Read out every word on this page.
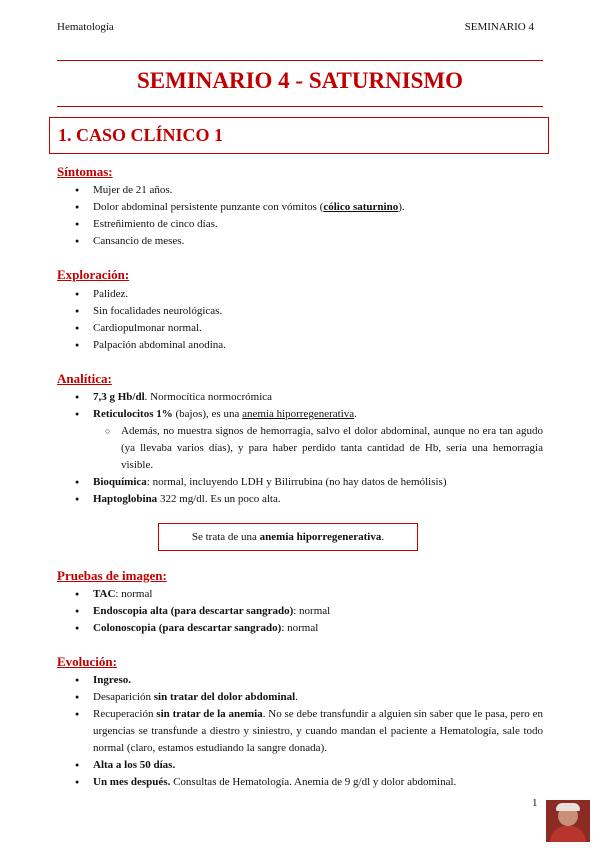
Hematología	SEMINARIO 4
SEMINARIO 4 - SATURNISMO
1. CASO CLÍNICO 1
Síntomas:
● Mujer de 21 años.
● Dolor abdominal persistente punzante con vómitos (cólico saturnino).
● Estreñimiento de cinco días.
● Cansancio de meses.
Exploración:
● Palidez.
● Sin focalidades neurológicas.
● Cardiopulmonar normal.
● Palpación abdominal anodina.
Analítica:
● 7,3 g Hb/dl. Normocítica normocrómica
● Reticulocitos 1% (bajos), es una anemia hiporregenerativa.
○ Además, no muestra signos de hemorragia, salvo el dolor abdominal, aunque no era tan agudo (ya llevaba varios días), y para haber perdido tanta cantidad de Hb, sería una hemorragia visible.
● Bioquímica: normal, incluyendo LDH y Bilirrubina (no hay datos de hemólisis)
● Haptoglobina 322 mg/dl. Es un poco alta.
Se trata de una anemia hiporregenerativa.
Pruebas de imagen:
● TAC: normal
● Endoscopia alta (para descartar sangrado): normal
● Colonoscopia (para descartar sangrado): normal
Evolución:
● Ingreso.
● Desaparición sin tratar del dolor abdominal.
● Recuperación sin tratar de la anemia. No se debe transfundir a alguien sin saber que le pasa, pero en urgencias se transfunde a diestro y siniestro, y cuando mandan el paciente a Hematología, sale todo normal (claro, estamos estudiando la sangre donada).
● Alta a los 50 días.
● Un mes después. Consultas de Hematología. Anemia de 9 g/dl y dolor abdominal.
1
